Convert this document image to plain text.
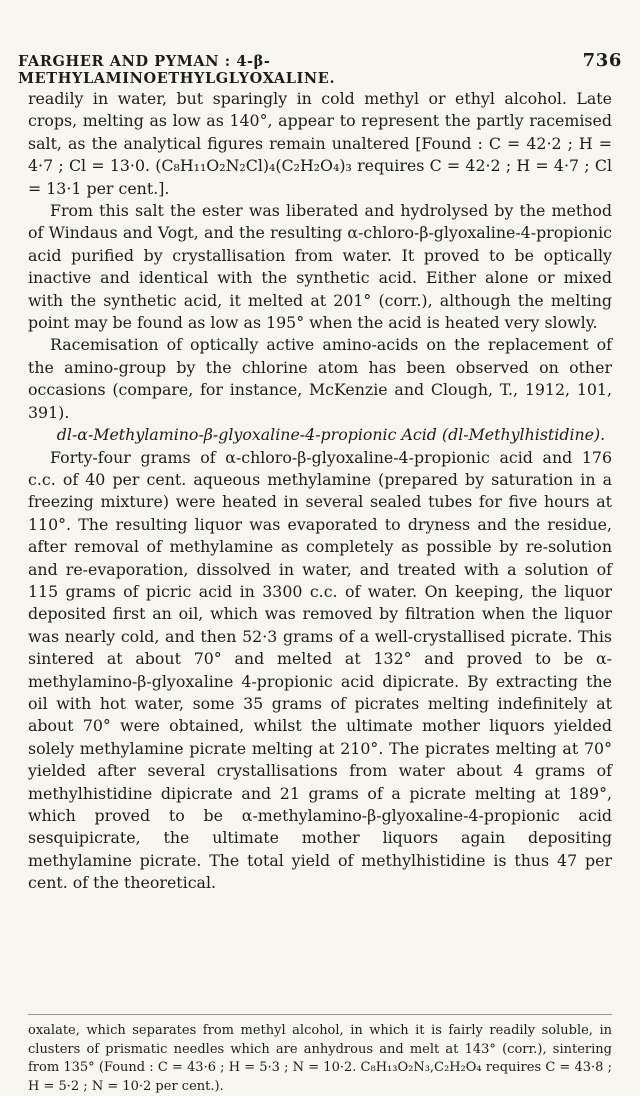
FARGHER AND PYMAN : 4-β-METHYLAMINOETHYLGLYOXALINE.
736

readily in water, but sparingly in cold methyl or ethyl alcohol. Late crops, melting as low as 140°, appear to represent the partly racemised salt, as the analytical figures remain unaltered [Found : C = 42·2 ; H = 4·7 ; Cl = 13·0. (C₈H₁₁O₂N₂Cl)₄(C₂H₂O₄)₃ requires C = 42·2 ; H = 4·7 ; Cl = 13·1 per cent.].

From this salt the ester was liberated and hydrolysed by the method of Windaus and Vogt, and the resulting α-chloro-β-glyoxaline-4-propionic acid purified by crystallisation from water. It proved to be optically inactive and identical with the synthetic acid. Either alone or mixed with the synthetic acid, it melted at 201° (corr.), although the melting point may be found as low as 195° when the acid is heated very slowly.

Racemisation of optically active amino-acids on the replacement of the amino-group by the chlorine atom has been observed on other occasions (compare, for instance, McKenzie and Clough, T., 1912, 101, 391).

dl-α-Methylamino-β-glyoxaline-4-propionic Acid (dl-Methylhistidine).

Forty-four grams of α-chloro-β-glyoxaline-4-propionic acid and 176 c.c. of 40 per cent. aqueous methylamine (prepared by saturation in a freezing mixture) were heated in several sealed tubes for five hours at 110°. The resulting liquor was evaporated to dryness and the residue, after removal of methylamine as completely as possible by re-solution and re-evaporation, dissolved in water, and treated with a solution of 115 grams of picric acid in 3300 c.c. of water. On keeping, the liquor deposited first an oil, which was removed by filtration when the liquor was nearly cold, and then 52·3 grams of a well-crystallised picrate. This sintered at about 70° and melted at 132° and proved to be α-methylamino-β-glyoxaline 4-propionic acid dipicrate. By extracting the oil with hot water, some 35 grams of picrates melting indefinitely at about 70° were obtained, whilst the ultimate mother liquors yielded solely methylamine picrate melting at 210°. The picrates melting at 70° yielded after several crystallisations from water about 4 grams of methylhistidine dipicrate and 21 grams of a picrate melting at 189°, which proved to be α-methylamino-β-glyoxaline-4-propionic acid sesquipicrate, the ultimate mother liquors again depositing methylamine picrate. The total yield of methylhistidine is thus 47 per cent. of the theoretical.

oxalate, which separates from methyl alcohol, in which it is fairly readily soluble, in clusters of prismatic needles which are anhydrous and melt at 143° (corr.), sintering from 135° (Found : C = 43·6 ; H = 5·3 ; N = 10·2. C₈H₁₃O₂N₃,C₂H₂O₄ requires C = 43·8 ; H = 5·2 ; N = 10·2 per cent.).
